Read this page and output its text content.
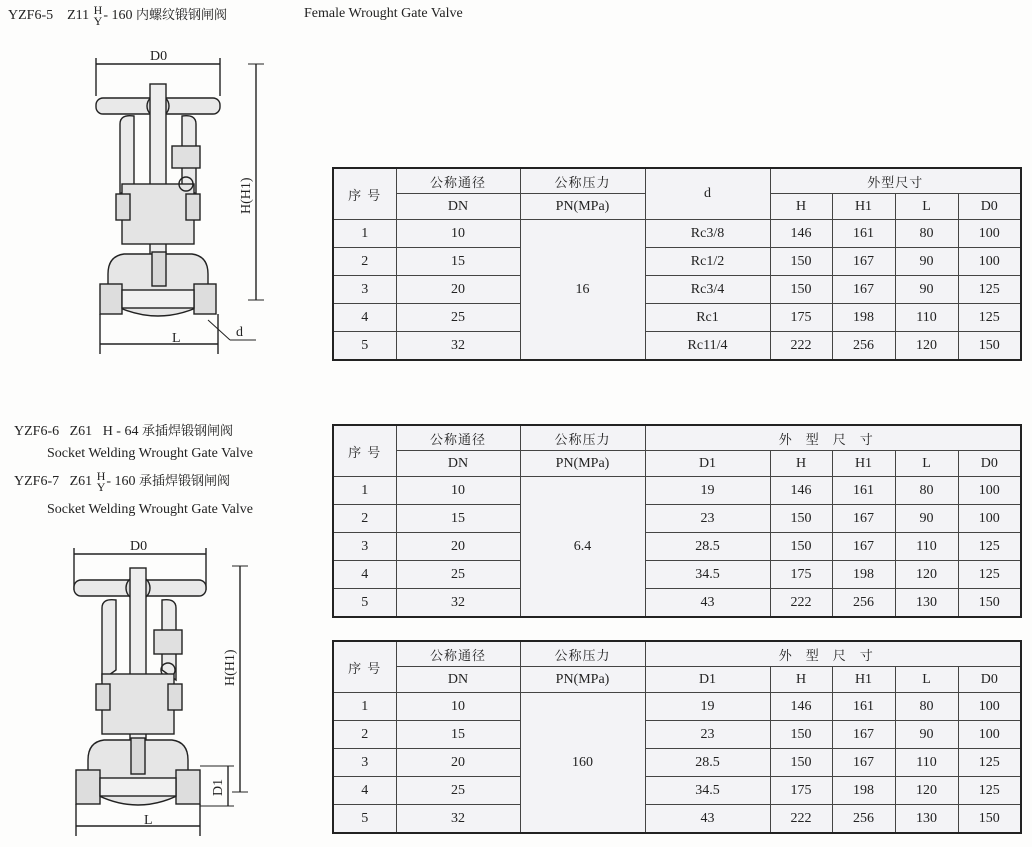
YZF6-5 Z11 H
Y - 160 内螺纹锻钢闸阀	Female Wrought Gate Valve
D0
H(H1)
L	d
序 号	公称通径	公称压力	d	外型尺寸			
	DN	PN(MPa)		H	H1	L	D0
1	10	16	Rc3/8	146	161	80	100
2	15		Rc1/2	150	167	90	100
3	20		Rc3/4	150	167	90	125
4	25		Rc1	175	198	110	125
5	32		Rc11/4	222	256	120	150
YZF6-6 Z61 H - 64 承插焊锻钢闸阀
Socket Welding Wrought Gate Valve
YZF6-7 Z61 H
Y - 160 承插焊锻钢闸阀
Socket Welding Wrought Gate Valve
D0
H(H1)
D1
L
序 号	公称通径	公称压力	外型尺寸				
	DN	PN(MPa)	D1	H	H1	L	D0
1	10	6.4	19	146	161	80	100
2	15		23	150	167	90	100
3	20		28.5	150	167	110	125
4	25		34.5	175	198	120	125
5	32		43	222	256	130	150
序 号	公称通径	公称压力	外型尺寸				
	DN	PN(MPa)	D1	H	H1	L	D0
1	10	160	19	146	161	80	100
2	15		23	150	167	90	100
3	20		28.5	150	167	110	125
4	25		34.5	175	198	120	125
5	32		43	222	256	130	150
